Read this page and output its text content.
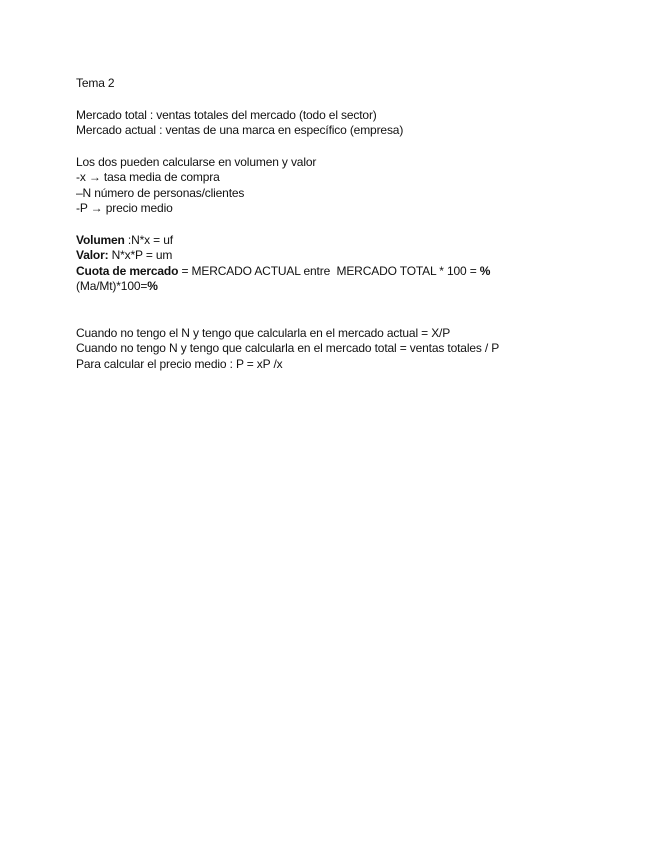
Tema 2
Mercado total : ventas totales del mercado (todo el sector)
Mercado actual : ventas de una marca en específico (empresa)
Los dos pueden calcularse en volumen y valor
-x → tasa media de compra
–N número de personas/clientes
-P → precio medio
Volumen :N*x = uf
Valor: N*x*P = um
Cuota de mercado = MERCADO ACTUAL entre  MERCADO TOTAL * 100 = %
(Ma/Mt)*100=%
Cuando no tengo el N y tengo que calcularla en el mercado actual = X/P
Cuando no tengo N y tengo que calcularla en el mercado total = ventas totales / P
Para calcular el precio medio : P = xP /x
